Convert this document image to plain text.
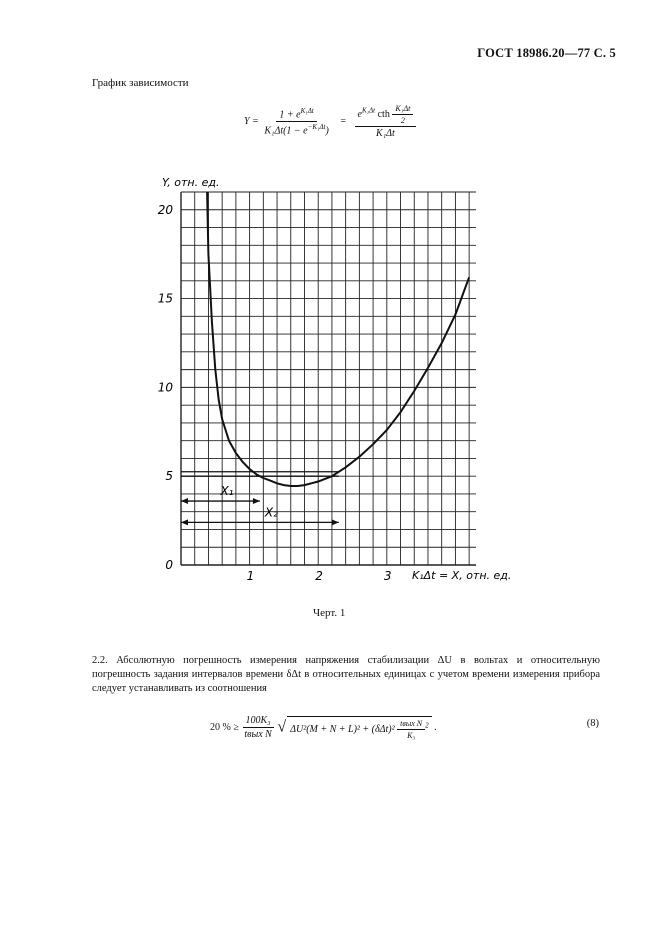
ГОСТ 18986.20—77 С. 5
График зависимости
$Y = \frac{1 + e^{K_1\Delta t}}{K_1\Delta t(1 - e^{-K_1\Delta t})} = \frac{e^{K_1\Delta t} cth \frac{\text{K₁Δt}}{2}}{\text{K₁Δt}}$
1	2	3
0
5
10
15
20
X₁
X₂
Y, отн. ед.
K₁Δt = X, отн. ед.
Черт. 1
2.2. Абсолютную погрешность измерения напряжения стабилизации ΔU в вольтах и относительную погрешность задания интервалов времени δΔt в относительных единицах с учетом времени измерения прибора следует устанавливать из соотношения
20 % ≥ $\frac{\text{100K₃}}{\text{tвых N}}$ √ $\Delta U^2(M + N + L)^2 + (\delta\Delta t)^2 \frac{\text{tвых N}}{\text{K₃}} ^2$ .	(8)
